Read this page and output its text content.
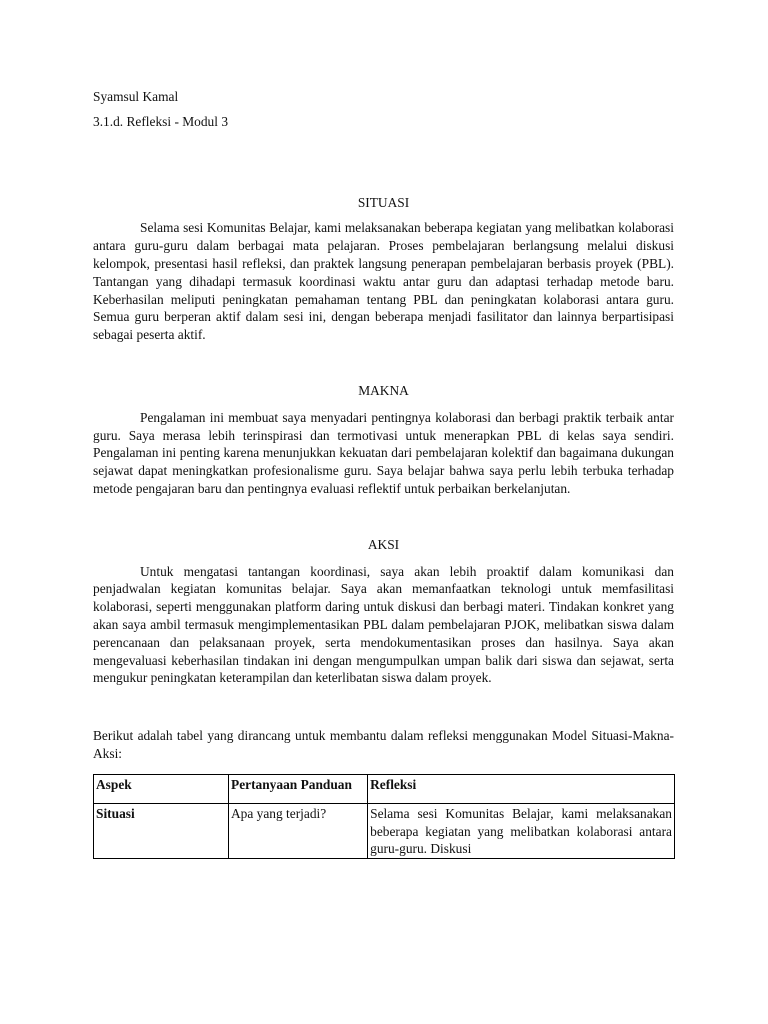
Syamsul Kamal

3.1.d. Refleksi - Modul 3

SITUASI

Selama sesi Komunitas Belajar, kami melaksanakan beberapa kegiatan yang melibatkan kolaborasi antara guru-guru dalam berbagai mata pelajaran. Proses pembelajaran berlangsung melalui diskusi kelompok, presentasi hasil refleksi, dan praktek langsung penerapan pembelajaran berbasis proyek (PBL). Tantangan yang dihadapi termasuk koordinasi waktu antar guru dan adaptasi terhadap metode baru. Keberhasilan meliputi peningkatan pemahaman tentang PBL dan peningkatan kolaborasi antara guru. Semua guru berperan aktif dalam sesi ini, dengan beberapa menjadi fasilitator dan lainnya berpartisipasi sebagai peserta aktif.

MAKNA

Pengalaman ini membuat saya menyadari pentingnya kolaborasi dan berbagi praktik terbaik antar guru. Saya merasa lebih terinspirasi dan termotivasi untuk menerapkan PBL di kelas saya sendiri. Pengalaman ini penting karena menunjukkan kekuatan dari pembelajaran kolektif dan bagaimana dukungan sejawat dapat meningkatkan profesionalisme guru. Saya belajar bahwa saya perlu lebih terbuka terhadap metode pengajaran baru dan pentingnya evaluasi reflektif untuk perbaikan berkelanjutan.

AKSI

Untuk mengatasi tantangan koordinasi, saya akan lebih proaktif dalam komunikasi dan penjadwalan kegiatan komunitas belajar. Saya akan memanfaatkan teknologi untuk memfasilitasi kolaborasi, seperti menggunakan platform daring untuk diskusi dan berbagi materi. Tindakan konkret yang akan saya ambil termasuk mengimplementasikan PBL dalam pembelajaran PJOK, melibatkan siswa dalam perencanaan dan pelaksanaan proyek, serta mendokumentasikan proses dan hasilnya. Saya akan mengevaluasi keberhasilan tindakan ini dengan mengumpulkan umpan balik dari siswa dan sejawat, serta mengukur peningkatan keterampilan dan keterlibatan siswa dalam proyek.

Berikut adalah tabel yang dirancang untuk membantu dalam refleksi menggunakan Model Situasi-Makna-Aksi:

Aspek	Pertanyaan Panduan	Refleksi

Situasi	Apa yang terjadi?	Selama sesi Komunitas Belajar, kami melaksanakan beberapa kegiatan yang melibatkan kolaborasi antara guru-guru. Diskusi
